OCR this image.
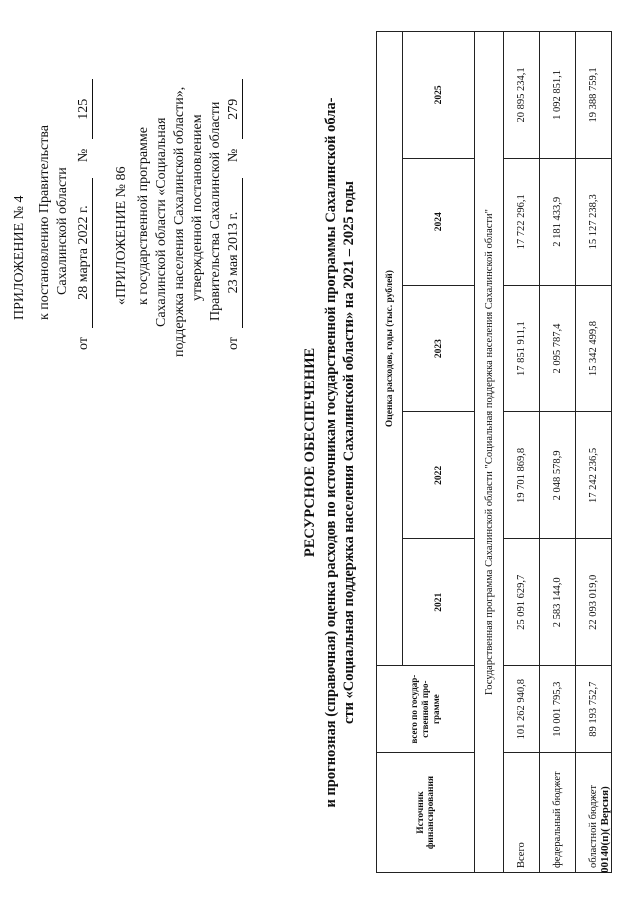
ПРИЛОЖЕНИЕ № 4 к постановлению Правительства Сахалинской области
от 28 марта 2022 г. № 125
«ПРИЛОЖЕНИЕ № 86 к государственной программе Сахалинской области «Социальная поддержка населения Сахалинской области», утвержденной постановлением Правительства Сахалинской области
от 23 мая 2013 г. № 279
РЕСУРСНОЕ ОБЕСПЕЧЕНИЕ и прогнозная (справочная) оценка расходов по источникам государственной программы Сахалинской обла- сти «Социальная поддержка населения Сахалинской области» на 2021 – 2025 годы
Источник финансирования	всего по государ-ственной про-грамме	Оценка расходов, годы (тыс. рублей)				
		2021	2022	2023	2024	2025
Государственная программа Сахалинской области "Социальная поддержка населения Сахалинской области"						
Всего	101 262 940,8	25 091 629,7	19 701 869,8	17 851 911,1	17 722 296,1	20 895 234,1
федеральный бюджет	10 001 795,3	2 583 144,0	2 048 578,9	2 095 787,4	2 181 433,9	1 092 851,1
областной бюджет	89 193 752,7	22 093 019,0	17 242 236,5	15 342 499,8	15 127 238,3	19 388 759,1
00140(п)( Версия)
